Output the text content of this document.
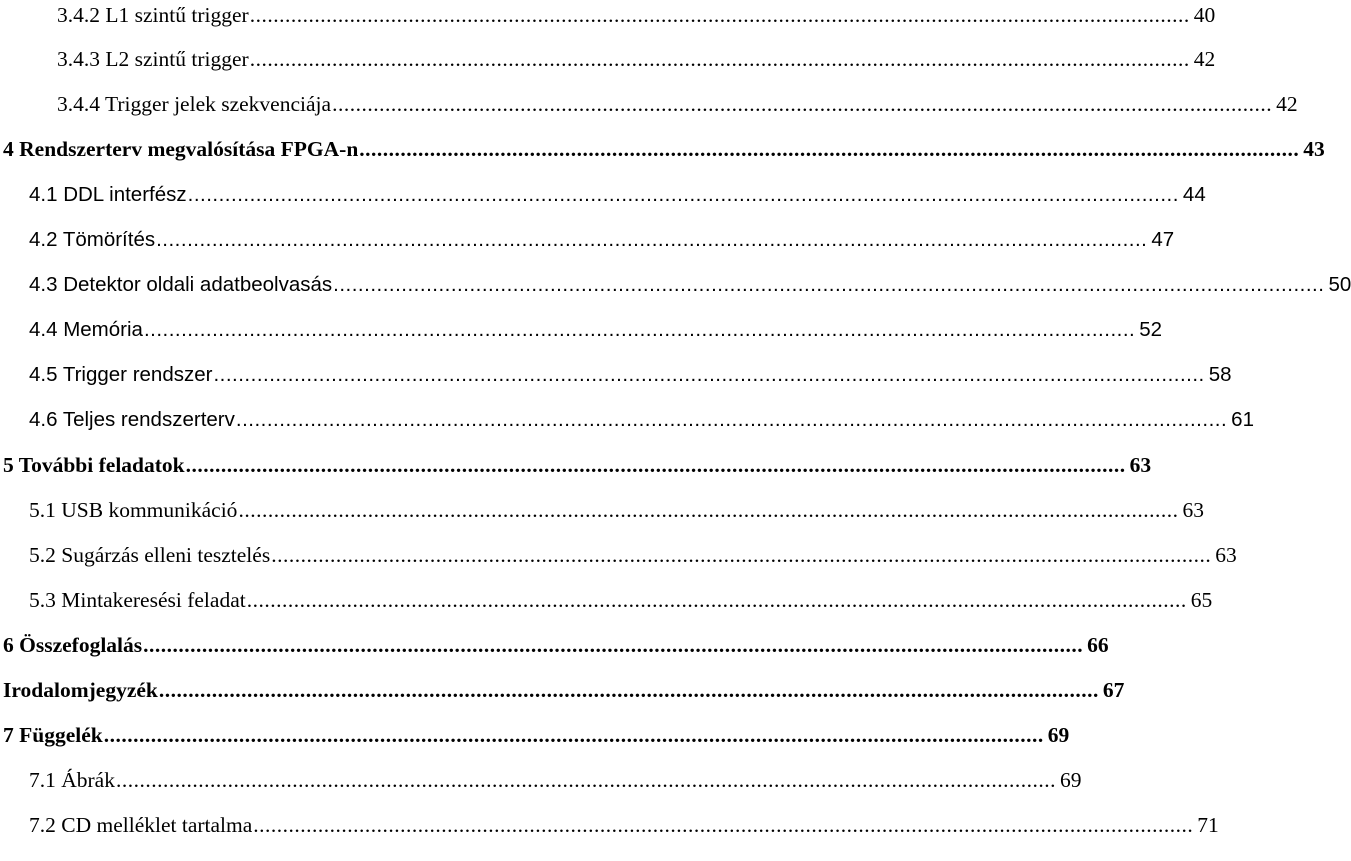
3.4.2 L1 szintű trigger ................................................................................................................................................................ 40
3.4.3 L2 szintű trigger ................................................................................................................................................................ 42
3.4.4 Trigger jelek szekvenciája ................................................................................................................................................................ 42
4 Rendszerterv megvalósítása FPGA-n ................................................................................................................................................................ 43
4.1 DDL interfész ................................................................................................................................................................ 44
4.2 Tömörítés ................................................................................................................................................................ 47
4.3 Detektor oldali adatbeolvasás ................................................................................................................................................................ 50
4.4 Memória ................................................................................................................................................................ 52
4.5 Trigger rendszer ................................................................................................................................................................ 58
4.6 Teljes rendszerterv ................................................................................................................................................................ 61
5 További feladatok ................................................................................................................................................................ 63
5.1 USB kommunikáció ................................................................................................................................................................ 63
5.2 Sugárzás elleni tesztelés ................................................................................................................................................................ 63
5.3 Mintakeresési feladat ................................................................................................................................................................ 65
6 Összefoglalás ................................................................................................................................................................ 66
Irodalomjegyzék ................................................................................................................................................................ 67
7 Függelék ................................................................................................................................................................ 69
7.1 Ábrák ................................................................................................................................................................ 69
7.2 CD melléklet tartalma ................................................................................................................................................................ 71
